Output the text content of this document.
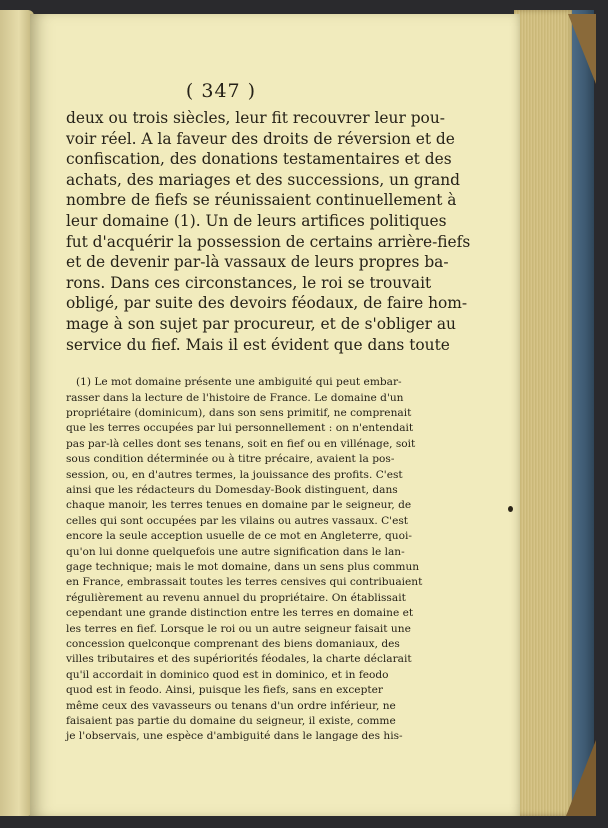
( 347 )
deux ou trois siècles, leur fit recouvrer leur pou-
voir réel. A la faveur des droits de réversion et de
confiscation, des donations testamentaires et des
achats, des mariages et des successions, un grand
nombre de fiefs se réunissaient continuellement à
leur domaine (1). Un de leurs artifices politiques
fut d'acquérir la possession de certains arrière-fiefs
et de devenir par-là vassaux de leurs propres ba-
rons. Dans ces circonstances, le roi se trouvait
obligé, par suite des devoirs féodaux, de faire hom-
mage à son sujet par procureur, et de s'obliger au
service du fief. Mais il est évident que dans toute
(1) Le mot domaine présente une ambiguité qui peut embar-
rasser dans la lecture de l'histoire de France. Le domaine d'un
propriétaire (dominicum), dans son sens primitif, ne comprenait
que les terres occupées par lui personnellement : on n'entendait
pas par-là celles dont ses tenans, soit en fief ou en villénage, soit
sous condition déterminée ou à titre précaire, avaient la pos-
session, ou, en d'autres termes, la jouissance des profits. C'est
ainsi que les rédacteurs du Domesday-Book distinguent, dans
chaque manoir, les terres tenues en domaine par le seigneur, de
celles qui sont occupées par les vilains ou autres vassaux. C'est
encore la seule acception usuelle de ce mot en Angleterre, quoi-
qu'on lui donne quelquefois une autre signification dans le lan-
gage technique; mais le mot domaine, dans un sens plus commun
en France, embrassait toutes les terres censives qui contribuaient
régulièrement au revenu annuel du propriétaire. On établissait
cependant une grande distinction entre les terres en domaine et
les terres en fief. Lorsque le roi ou un autre seigneur faisait une
concession quelconque comprenant des biens domaniaux, des
villes tributaires et des supériorités féodales, la charte déclarait
qu'il accordait in dominico quod est in dominico, et in feodo
quod est in feodo. Ainsi, puisque les fiefs, sans en excepter
même ceux des vavasseurs ou tenans d'un ordre inférieur, ne
faisaient pas partie du domaine du seigneur, il existe, comme
je l'observais, une espèce d'ambiguité dans le langage des his-
